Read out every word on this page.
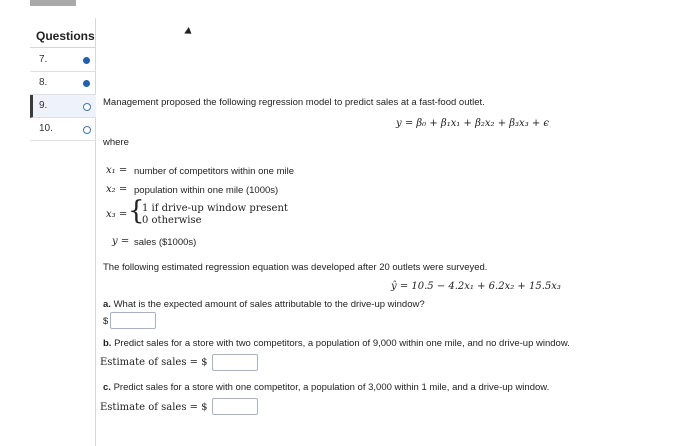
Questions
7.
8.
9.
10.
Management proposed the following regression model to predict sales at a fast-food outlet.
y = β₀ + β₁x₁ + β₂x₂ + β₃x₃ + ϵ
where
x₁ = number of competitors within one mile
x₂ = population within one mile (1000s)
x₃ = {
1 if drive-up window present
0 otherwise
y = sales ($1000s)
The following estimated regression equation was developed after 20 outlets were surveyed.
ŷ = 10.5 − 4.2x₁ + 6.2x₂ + 15.5x₃
a. What is the expected amount of sales attributable to the drive-up window?
$
b. Predict sales for a store with two competitors, a population of 9,000 within one mile, and no drive-up window.
Estimate of sales = $
c. Predict sales for a store with one competitor, a population of 3,000 within 1 mile, and a drive-up window.
Estimate of sales = $
